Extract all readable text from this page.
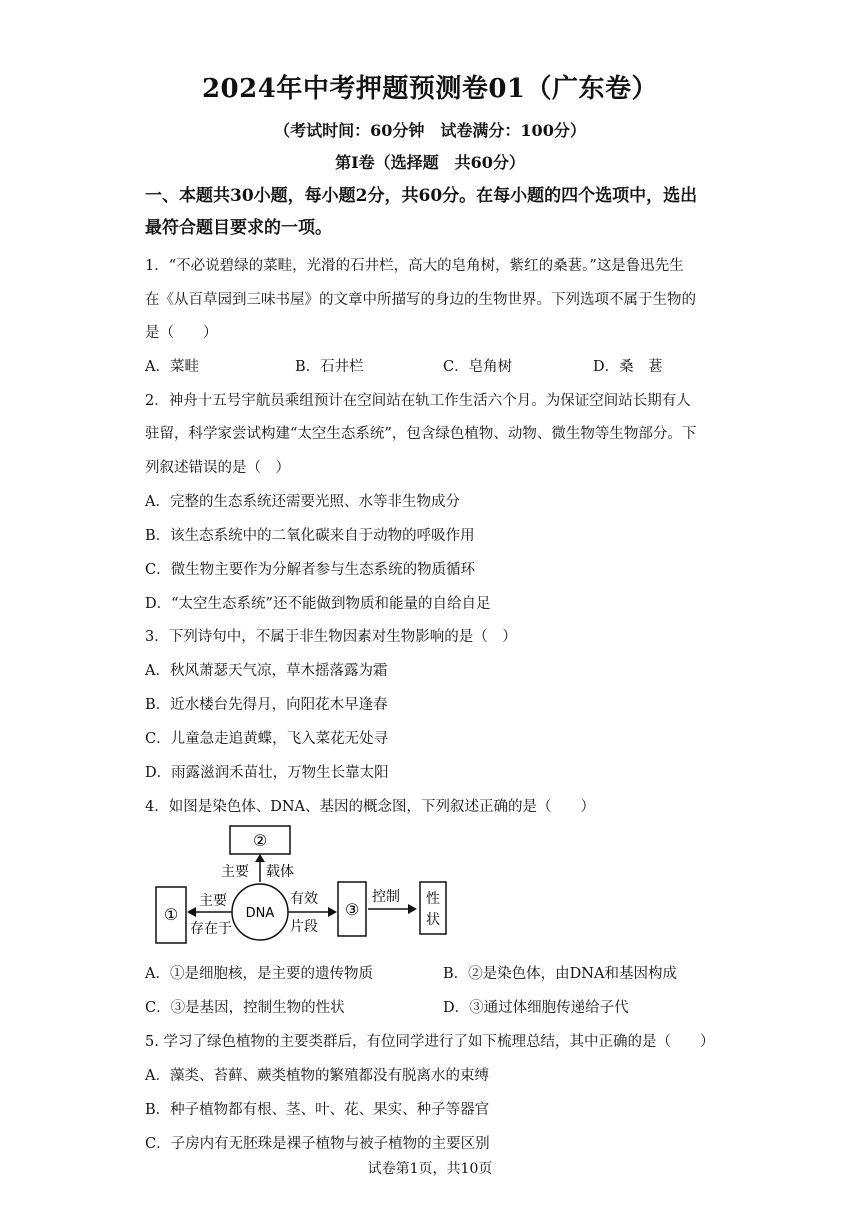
2024年中考押题预测卷01（广东卷）
（考试时间：60分钟　试卷满分：100分）
第Ⅰ卷（选择题　共60分）
一、本题共30小题，每小题2分，共60分。在每小题的四个选项中，选出
最符合题目要求的一项。
1．“不必说碧绿的菜畦，光滑的石井栏，高大的皂角树，紫红的桑葚。”这是鲁迅先生
在《从百草园到三味书屋》的文章中所描写的身边的生物世界。下列选项不属于生物的
是（　　）
A．菜畦	B．石井栏	C．皂角树	D．桑　葚
2．神舟十五号宇航员乘组预计在空间站在轨工作生活六个月。为保证空间站长期有人
驻留，科学家尝试构建“太空生态系统”，包含绿色植物、动物、微生物等生物部分。下
列叙述错误的是（　）
A．完整的生态系统还需要光照、水等非生物成分
B．该生态系统中的二氧化碳来自于动物的呼吸作用
C．微生物主要作为分解者参与生态系统的物质循环
D．“太空生态系统”还不能做到物质和能量的自给自足
3．下列诗句中，不属于非生物因素对生物影响的是（　）
A．秋风萧瑟天气凉，草木摇落露为霜
B．近水楼台先得月，向阳花木早逢春
C．儿童急走追黄蝶，飞入菜花无处寻
D．雨露滋润禾苗壮，万物生长靠太阳
4．如图是染色体、DNA、基因的概念图，下列叙述正确的是（　　）
②
主要 载体
①	DNA
主要
存在于
有效
片段
③
控制 性
状
A．①是细胞核，是主要的遗传物质	B．②是染色体，由DNA和基因构成
C．③是基因，控制生物的性状	D．③通过体细胞传递给子代
5. 学习了绿色植物的主要类群后，有位同学进行了如下梳理总结，其中正确的是（　　）
A．藻类、苔藓、蕨类植物的繁殖都没有脱离水的束缚
B．种子植物都有根、茎、叶、花、果实、种子等器官
C．子房内有无胚珠是裸子植物与被子植物的主要区别
试卷第1页，共10页
